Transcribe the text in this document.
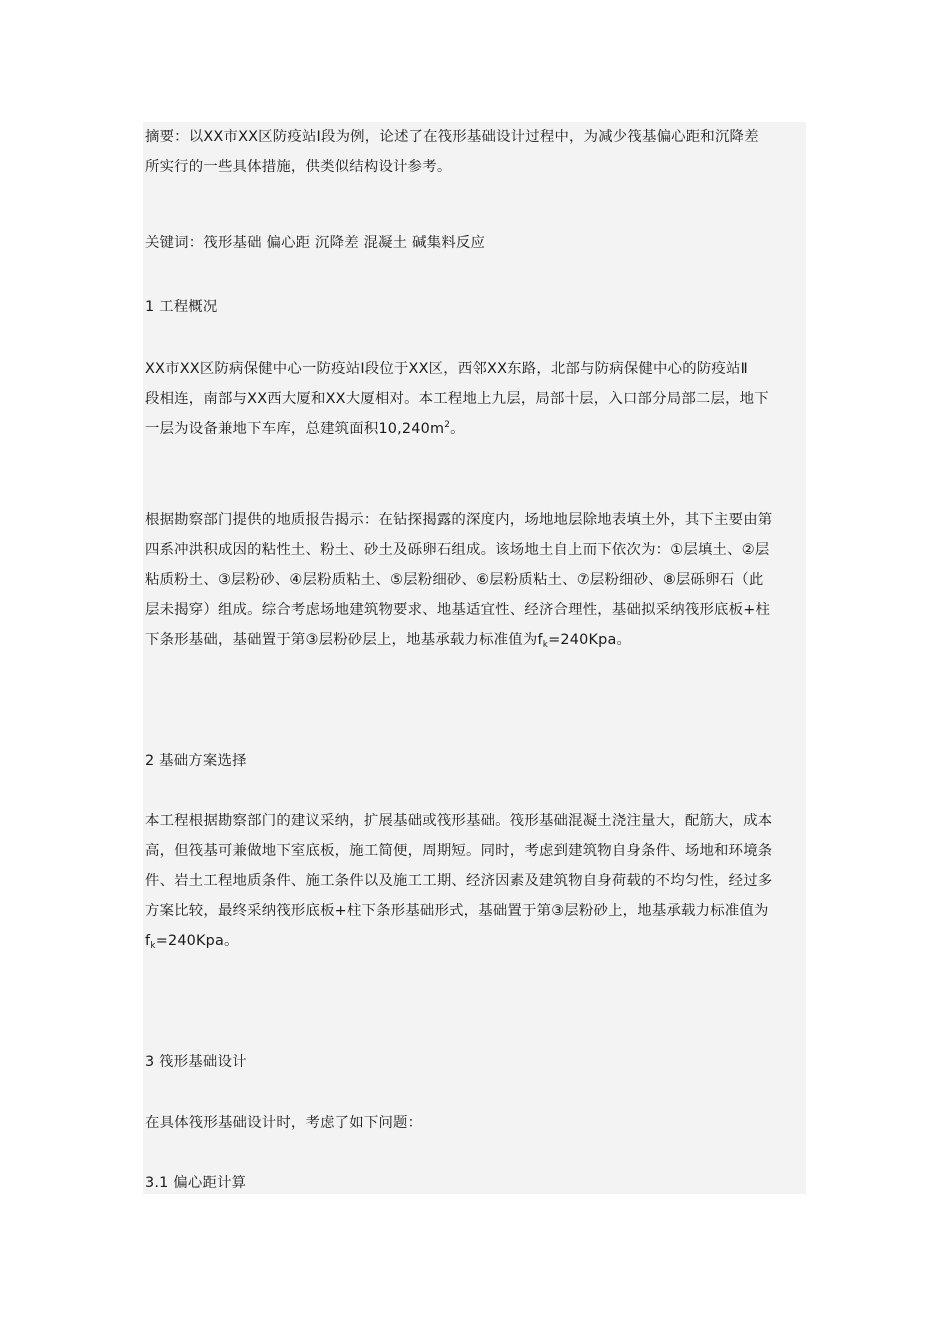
摘要：以XX市XX区防疫站Ⅰ段为例，论述了在筏形基础设计过程中，为减少筏基偏心距和沉降差
所实行的一些具体措施，供类似结构设计参考。
关键词：筏形基础 偏心距 沉降差 混凝土 碱集料反应
1 工程概况
XX市XX区防病保健中心一防疫站Ⅰ段位于XX区，西邻XX东路，北部与防病保健中心的防疫站Ⅱ
段相连，南部与XX西大厦和XX大厦相对。本工程地上九层，局部十层，入口部分局部二层，地下
一层为设备兼地下车库，总建筑面积$10,240m^2$。
根据勘察部门提供的地质报告揭示：在钻探揭露的深度内，场地地层除地表填土外，其下主要由第
四系冲洪积成因的粘性土、粉土、砂土及砾卵石组成。该场地土自上而下依次为：①层填土、②层
粘质粉土、③层粉砂、④层粉质粘土、⑤层粉细砂、⑥层粉质粘土、⑦层粉细砂、⑧层砾卵石（此
层未揭穿）组成。综合考虑场地建筑物要求、地基适宜性、经济合理性，基础拟采纳筏形底板+柱
下条形基础，基础置于第③层粉砂层上，地基承载力标准值为$f_k=240Kpa$。
2 基础方案选择
本工程根据勘察部门的建议采纳，扩展基础或筏形基础。筏形基础混凝土浇注量大，配筋大，成本
高，但筏基可兼做地下室底板，施工简便，周期短。同时，考虑到建筑物自身条件、场地和环境条
件、岩土工程地质条件、施工条件以及施工工期、经济因素及建筑物自身荷载的不均匀性，经过多
方案比较，最终采纳筏形底板+柱下条形基础形式，基础置于第③层粉砂上，地基承载力标准值为
$f_k=240Kpa$。
3 筏形基础设计
在具体筏形基础设计时，考虑了如下问题：
3.1 偏心距计算
